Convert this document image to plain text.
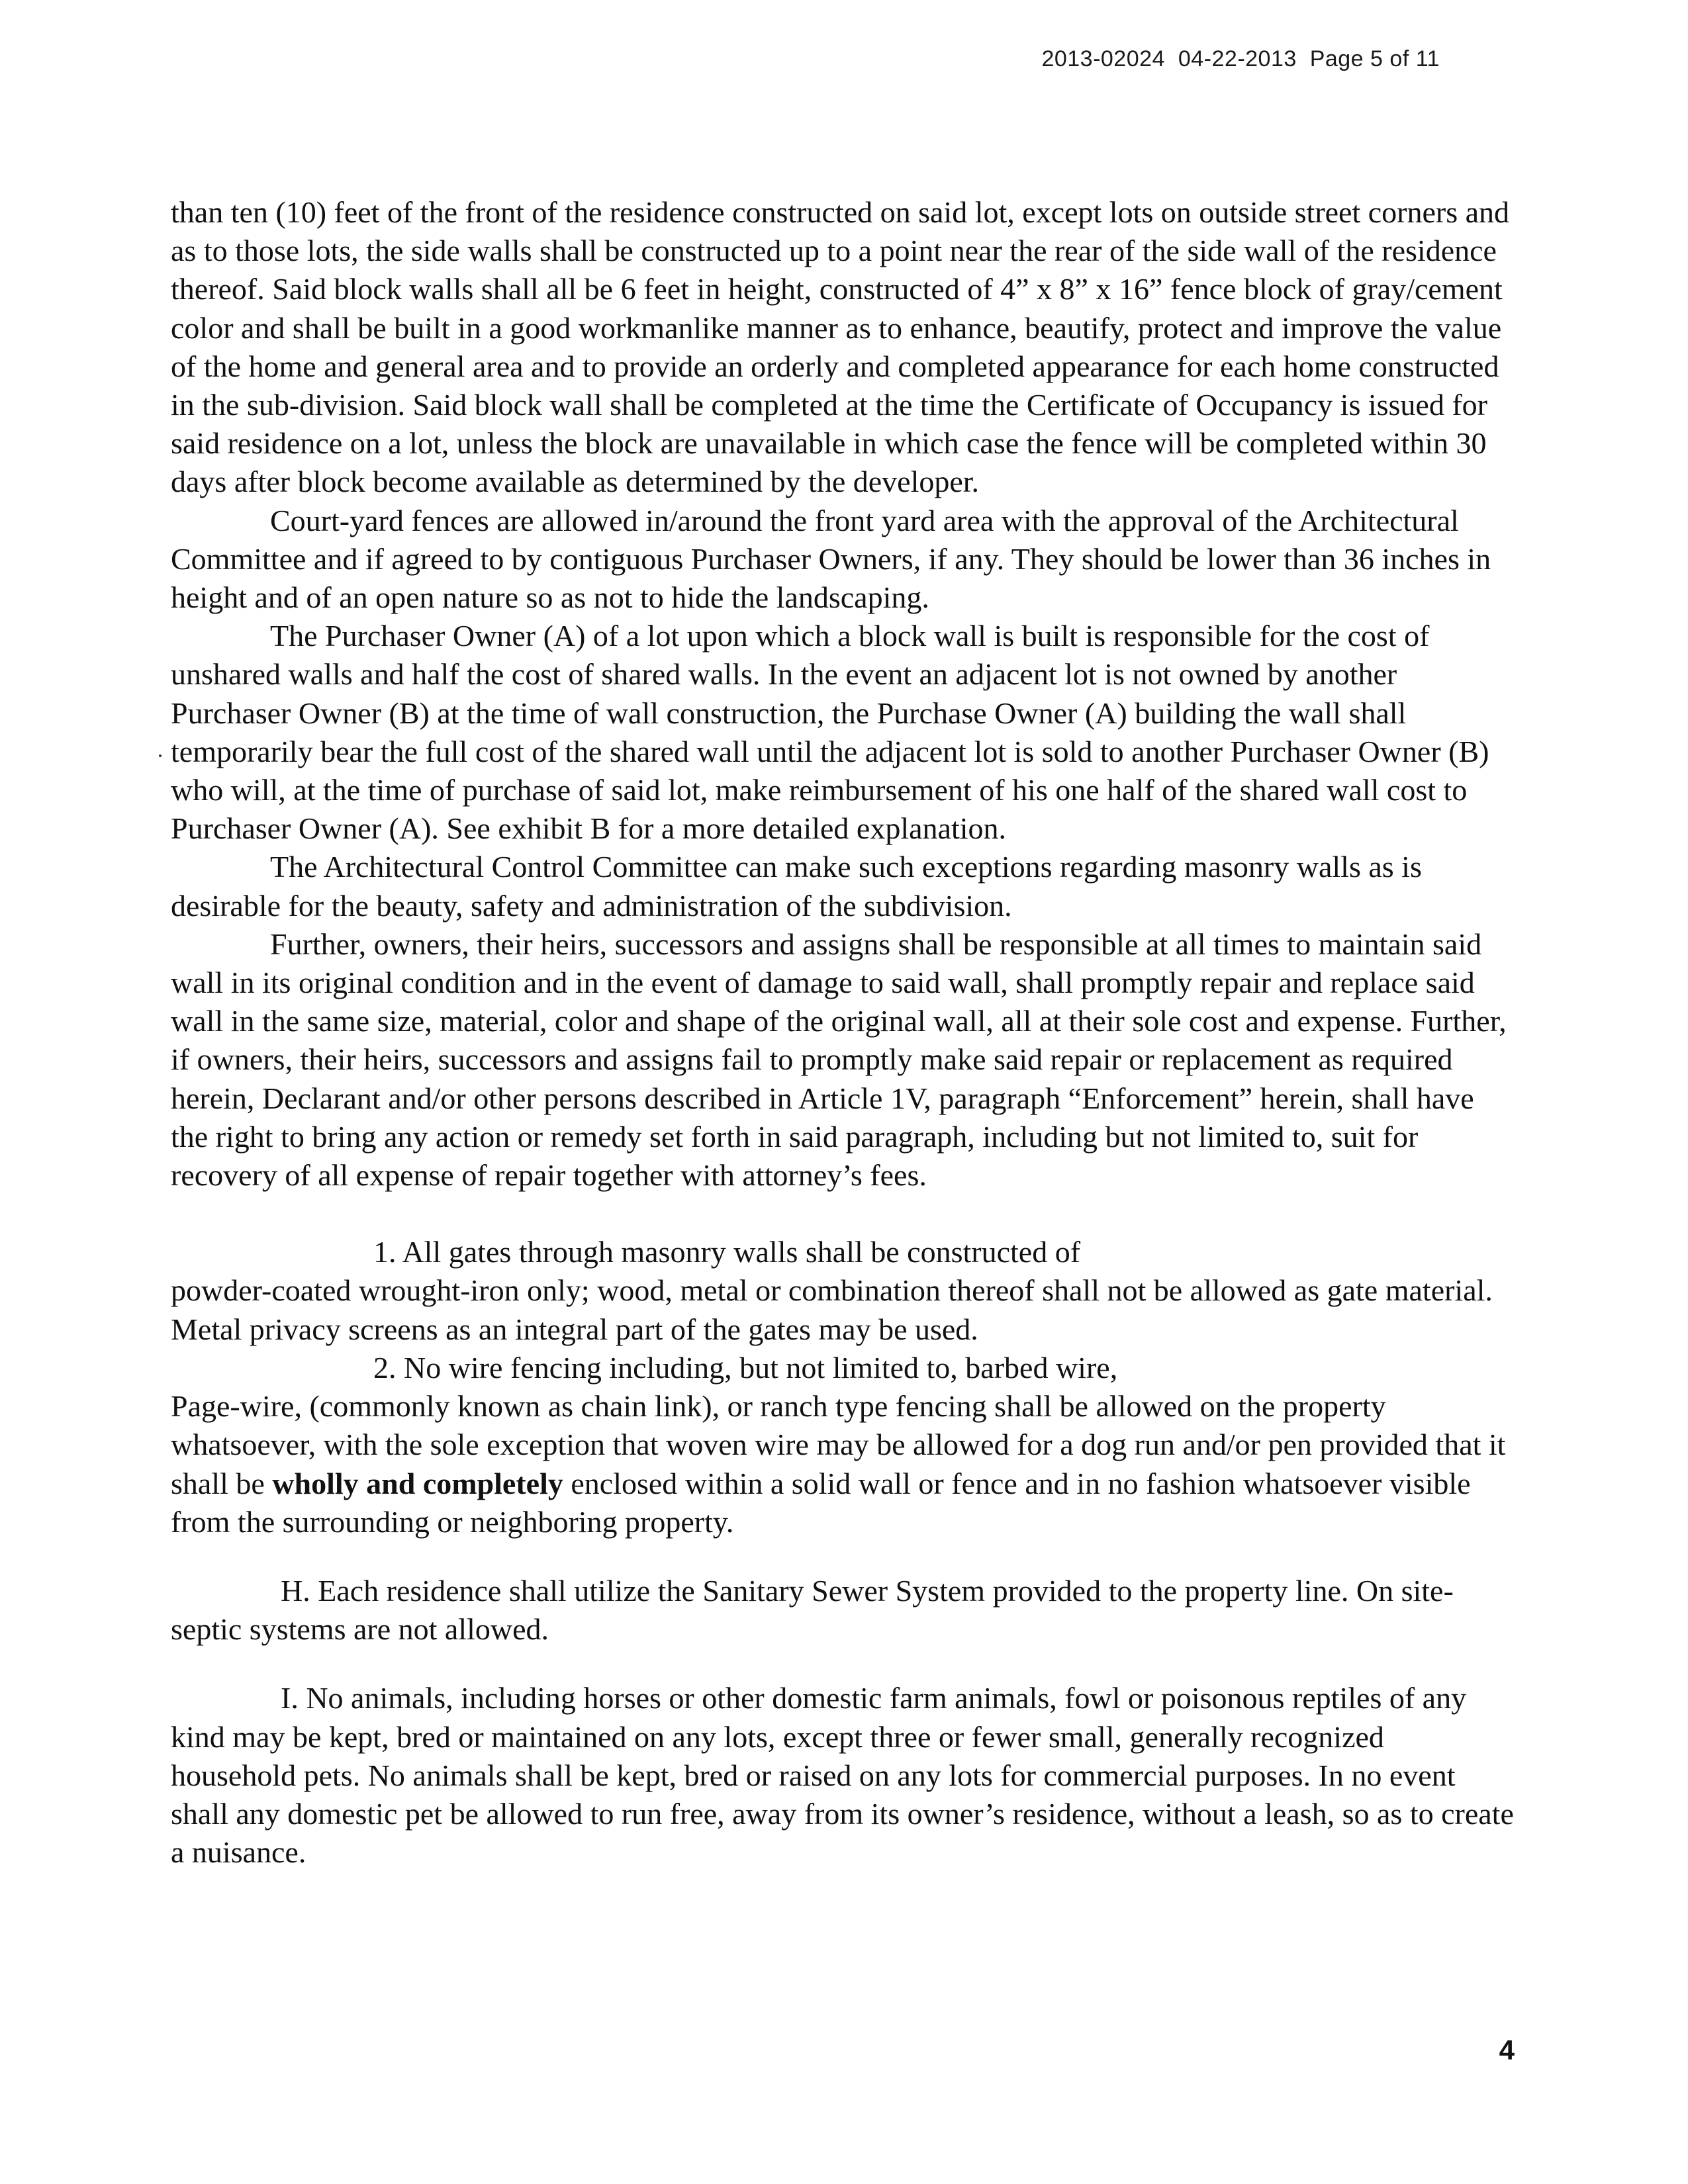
2013-02024 04-22-2013 Page 5 of 11

than ten (10) feet of the front of the residence constructed on said lot, except lots on outside street corners and as to those lots, the side walls shall be constructed up to a point near the rear of the side wall of the residence thereof. Said block walls shall all be 6 feet in height, constructed of 4” x 8” x 16” fence block of gray/cement color and shall be built in a good workmanlike manner as to enhance, beautify, protect and improve the value of the home and general area and to provide an orderly and completed appearance for each home constructed in the sub-division. Said block wall shall be completed at the time the Certificate of Occupancy is issued for said residence on a lot, unless the block are unavailable in which case the fence will be completed within 30 days after block become available as determined by the developer.

Court-yard fences are allowed in/around the front yard area with the approval of the Architectural Committee and if agreed to by contiguous Purchaser Owners, if any. They should be lower than 36 inches in height and of an open nature so as not to hide the landscaping.

The Purchaser Owner (A) of a lot upon which a block wall is built is responsible for the cost of unshared walls and half the cost of shared walls. In the event an adjacent lot is not owned by another Purchaser Owner (B) at the time of wall construction, the Purchase Owner (A) building the wall shall temporarily bear the full cost of the shared wall until the adjacent lot is sold to another Purchaser Owner (B) who will, at the time of purchase of said lot, make reimbursement of his one half of the shared wall cost to Purchaser Owner (A). See exhibit B for a more detailed explanation.

The Architectural Control Committee can make such exceptions regarding masonry walls as is desirable for the beauty, safety and administration of the subdivision.

Further, owners, their heirs, successors and assigns shall be responsible at all times to maintain said wall in its original condition and in the event of damage to said wall, shall promptly repair and replace said wall in the same size, material, color and shape of the original wall, all at their sole cost and expense. Further, if owners, their heirs, successors and assigns fail to promptly make said repair or replacement as required herein, Declarant and/or other persons described in Article 1V, paragraph “Enforcement” herein, shall have the right to bring any action or remedy set forth in said paragraph, including but not limited to, suit for recovery of all expense of repair together with attorney’s fees.

1. All gates through masonry walls shall be constructed of

powder-coated wrought-iron only; wood, metal or combination thereof shall not be allowed as gate material. Metal privacy screens as an integral part of the gates may be used.

2. No wire fencing including, but not limited to, barbed wire,

Page-wire, (commonly known as chain link), or ranch type fencing shall be allowed on the property whatsoever, with the sole exception that woven wire may be allowed for a dog run and/or pen provided that it shall be wholly and completely enclosed within a solid wall or fence and in no fashion whatsoever visible from the surrounding or neighboring property.

H. Each residence shall utilize the Sanitary Sewer System provided to the property line. On site-septic systems are not allowed.

I. No animals, including horses or other domestic farm animals, fowl or poisonous reptiles of any kind may be kept, bred or maintained on any lots, except three or fewer small, generally recognized household pets. No animals shall be kept, bred or raised on any lots for commercial purposes. In no event shall any domestic pet be allowed to run free, away from its owner’s residence, without a leash, so as to create a nuisance.

4
